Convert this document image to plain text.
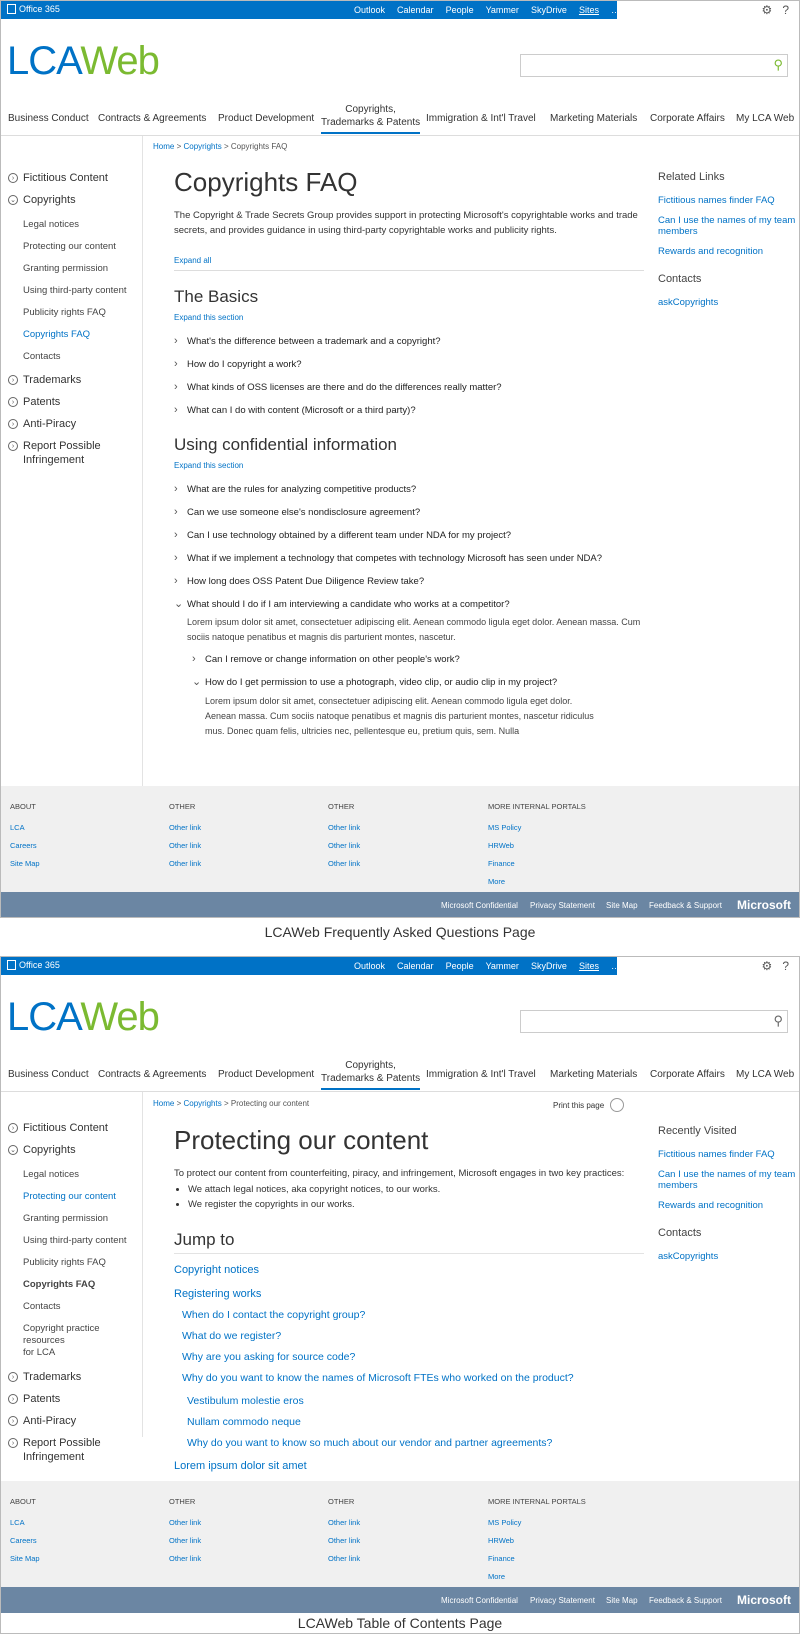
Office 365	Outlook Calendar People Yammer SkyDrive Sites …	⚙ ?
LCAWeb	⚲
Business Conduct Contracts & Agreements Product Development
Copyrights,
Trademarks & Patents Immigration & Int'l Travel Marketing Materials Corporate Affairs My LCA Web
Home > Copyrights > Copyrights FAQ
› Fictitious Content
⌄ Copyrights
Legal notices
Protecting our content
Granting permission
Using third-party content
Publicity rights FAQ
Copyrights FAQ
Contacts
› Trademarks
› Patents
› Anti-Piracy
› Report Possible
Infringement
Copyrights FAQ

The Copyright & Trade Secrets Group provides support in protecting Microsoft's copyrightable works and trade secrets, and provides guidance in using third-party copyrightable works and publicity rights.

Expand all
The Basics
Expand this section
› What's the difference between a trademark and a copyright?
› How do I copyright a work?
› What kinds of OSS licenses are there and do the differences really matter?
› What can I do with content (Microsoft or a third party)?
Using confidential information
Expand this section
› What are the rules for analyzing competitive products?
› Can we use someone else's nondisclosure agreement?
› Can I use technology obtained by a different team under NDA for my project?
› What if we implement a technology that competes with technology Microsoft has seen under NDA?
› How long does OSS Patent Due Diligence Review take?
⌄ What should I do if I am interviewing a candidate who works at a competitor?

Lorem ipsum dolor sit amet, consectetuer adipiscing elit. Aenean commodo ligula eget dolor. Aenean massa. Cum sociis natoque penatibus et magnis dis parturient montes, nascetur.

› Can I remove or change information on other people's work?
⌄ How do I get permission to use a photograph, video clip, or audio clip in my project?

Lorem ipsum dolor sit amet, consectetuer adipiscing elit. Aenean commodo ligula eget dolor. Aenean massa. Cum sociis natoque penatibus et magnis dis parturient montes, nascetur ridiculus mus. Donec quam felis, ultricies nec, pellentesque eu, pretium quis, sem. Nulla

Related Links
Fictitious names finder FAQ
Can I use the names of my team members
Rewards and recognition
Contacts
askCopyrights
ABOUT
LCA
Careers
Site Map
OTHER
Other link
Other link
Other link
OTHER
Other link
Other link
Other link
MORE INTERNAL PORTALS
MS Policy
HRWeb
Finance
More
Microsoft Confidential Privacy Statement Site Map Feedback & Support Microsoft
LCAWeb Frequently Asked Questions Page
Office 365	Outlook Calendar People Yammer SkyDrive Sites …	⚙ ?
LCAWeb	⚲
Business Conduct Contracts & Agreements Product Development
Copyrights,
Trademarks & Patents Immigration & Int'l Travel Marketing Materials Corporate Affairs My LCA Web
Home > Copyrights > Protecting our content	Print this page
› Fictitious Content
⌄ Copyrights
Legal notices
Protecting our content
Granting permission
Using third-party content
Publicity rights FAQ
Copyrights FAQ
Contacts
Copyright practice resources
for LCA
› Trademarks
› Patents
› Anti-Piracy
› Report Possible
Infringement
Protecting our content

To protect our content from counterfeiting, piracy, and infringement, Microsoft engages in two key practices:

• We attach legal notices, aka copyright notices, to our works.
• We register the copyrights in our works.
Jump to
Copyright notices
Registering works
When do I contact the copyright group?
What do we register?
Why are you asking for source code?
Why do you want to know the names of Microsoft FTEs who worked on the product?
Vestibulum molestie eros
Nullam commodo neque
Why do you want to know so much about our vendor and partner agreements?
Lorem ipsum dolor sit amet
Recently Visited
Fictitious names finder FAQ
Can I use the names of my team members
Rewards and recognition
Contacts
askCopyrights
ABOUT
LCA
Careers
Site Map
OTHER
Other link
Other link
Other link
OTHER
Other link
Other link
Other link
MORE INTERNAL PORTALS
MS Policy
HRWeb
Finance
More
Microsoft Confidential Privacy Statement Site Map Feedback & Support Microsoft
LCAWeb Table of Contents Page
